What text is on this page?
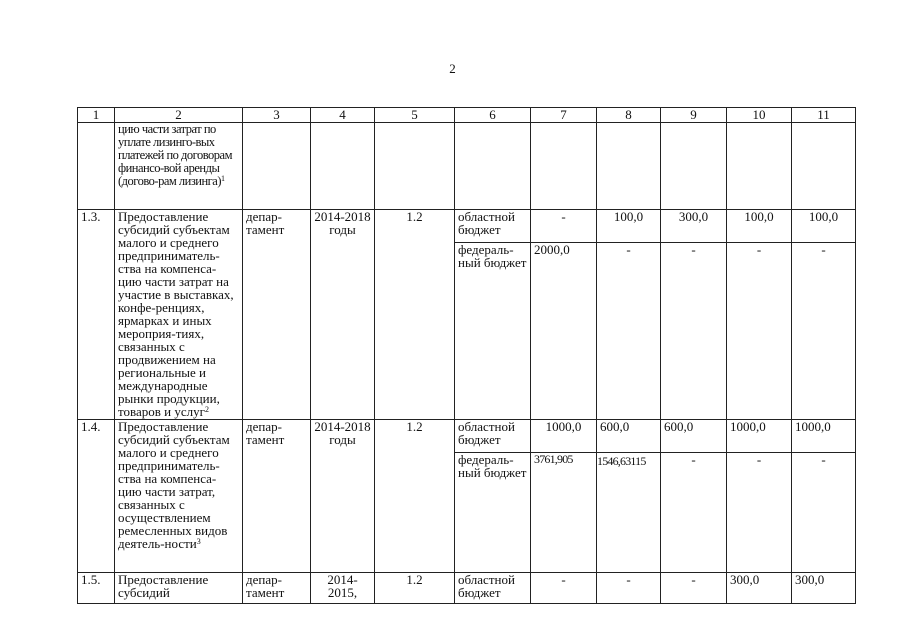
2
1	2	3	4	5	6	7	8	9	10	11
	цию части затрат по уплате лизинго-вых платежей по договорам финансо-вой аренды (догово-рам лизинга)$^1$									
1.3.	Предоставление субсидий субъектам малого и среднего предприниматель-ства на компенса-цию части затрат на участие в выставках, конфе-ренциях, ярмарках и иных мероприя-тиях, связанных с продвижением на региональные и международные рынки продукции, товаров и услуг$^2$	депар-тамент	2014-2018 годы	1.2	областной бюджет	-	100,0	300,0	100,0	100,0
					федераль-ный бюджет	2000,0	-	-	-	-
1.4.	Предоставление субсидий субъектам малого и среднего предприниматель-ства на компенса-цию части затрат, связанных с осуществлением ремесленных видов деятель-ности$^3$	депар-тамент	2014-2018 годы	1.2	областной бюджет	1000,0	600,0	600,0	1000,0	1000,0
					федераль-ный бюджет	3761,905	1546,63115	-	-	-
1.5.	Предоставление субсидий	депар-тамент	2014-2015,	1.2	областной бюджет	-	-	-	300,0	300,0
